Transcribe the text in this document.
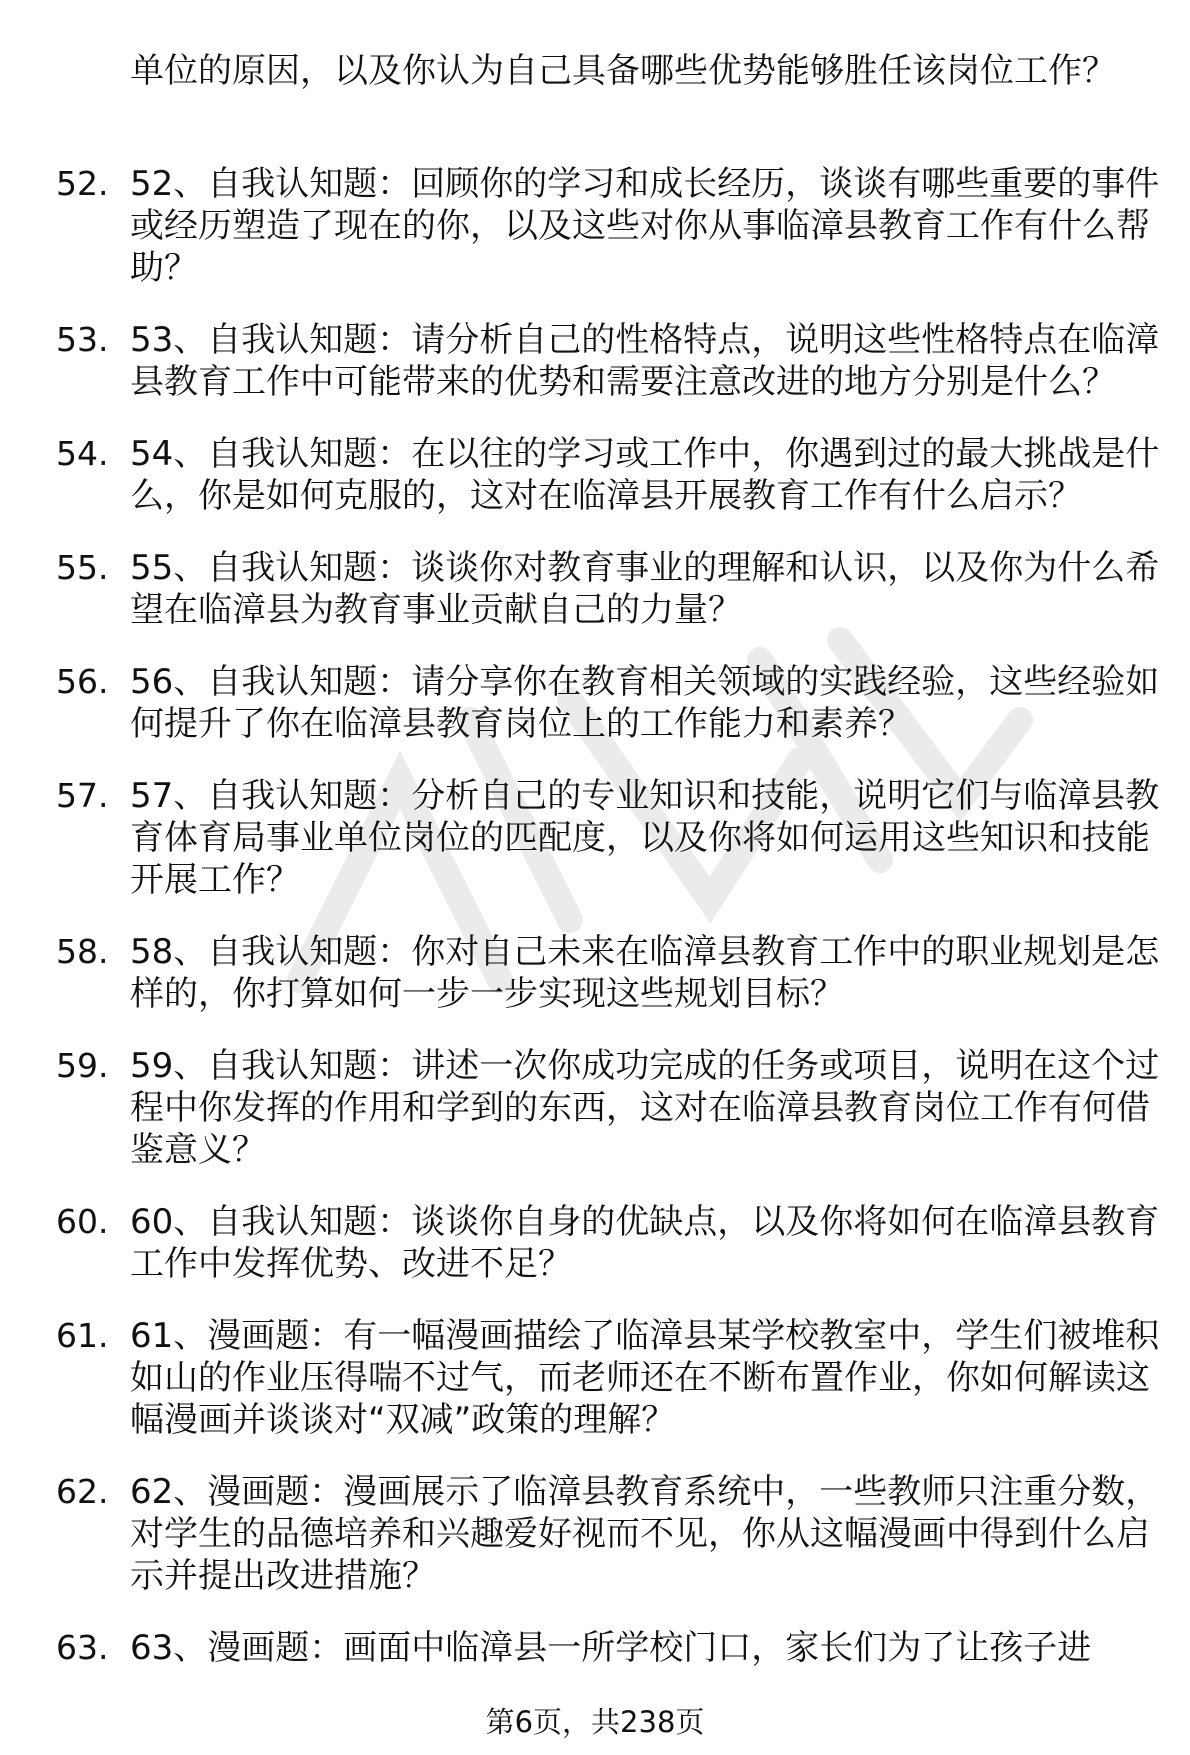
单位的原因，以及你认为自己具备哪些优势能够胜任该岗位工作？
52. 52、自我认知题：回顾你的学习和成长经历，谈谈有哪些重要的事件或经历塑造了现在的你，以及这些对你从事临漳县教育工作有什么帮助？
53. 53、自我认知题：请分析自己的性格特点，说明这些性格特点在临漳县教育工作中可能带来的优势和需要注意改进的地方分别是什么？
54. 54、自我认知题：在以往的学习或工作中，你遇到过的最大挑战是什么，你是如何克服的，这对在临漳县开展教育工作有什么启示？
55. 55、自我认知题：谈谈你对教育事业的理解和认识，以及你为什么希望在临漳县为教育事业贡献自己的力量？
56. 56、自我认知题：请分享你在教育相关领域的实践经验，这些经验如何提升了你在临漳县教育岗位上的工作能力和素养？
57. 57、自我认知题：分析自己的专业知识和技能，说明它们与临漳县教育体育局事业单位岗位的匹配度，以及你将如何运用这些知识和技能开展工作？
58. 58、自我认知题：你对自己未来在临漳县教育工作中的职业规划是怎样的，你打算如何一步一步实现这些规划目标？
59. 59、自我认知题：讲述一次你成功完成的任务或项目，说明在这个过程中你发挥的作用和学到的东西，这对在临漳县教育岗位工作有何借鉴意义？
60. 60、自我认知题：谈谈你自身的优缺点，以及你将如何在临漳县教育工作中发挥优势、改进不足？
61. 61、漫画题：有一幅漫画描绘了临漳县某学校教室中，学生们被堆积如山的作业压得喘不过气，而老师还在不断布置作业，你如何解读这幅漫画并谈谈对“双减”政策的理解？
62. 62、漫画题：漫画展示了临漳县教育系统中，一些教师只注重分数，对学生的品德培养和兴趣爱好视而不见，你从这幅漫画中得到什么启示并提出改进措施？
63. 63、漫画题：画面中临漳县一所学校门口，家长们为了让孩子进
第6页，共238页
